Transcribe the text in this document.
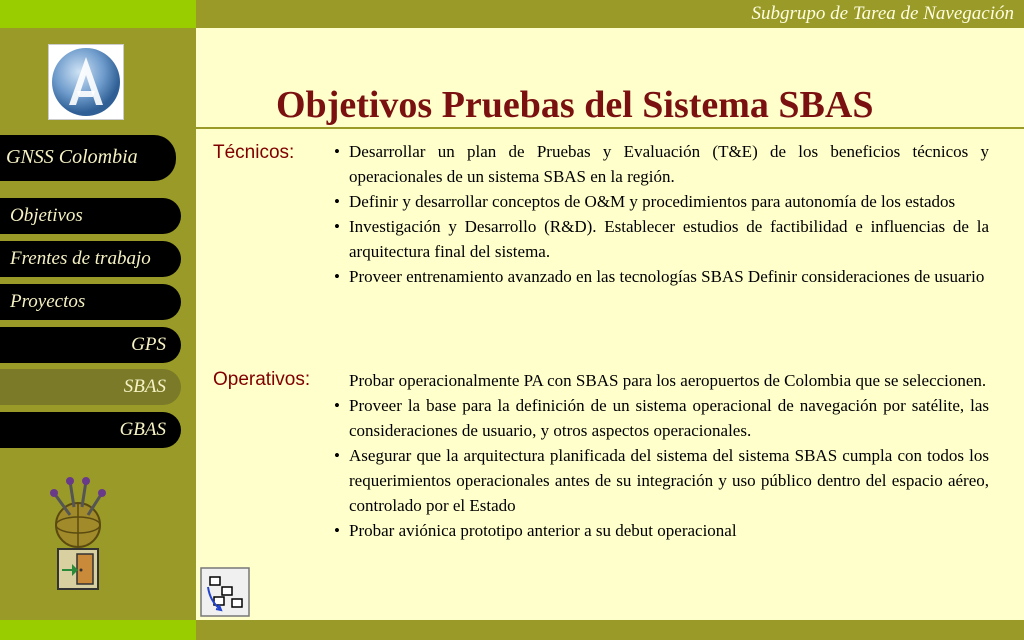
Subgrupo de Tarea de Navegación
GNSS Colombia
Objetivos
Frentes de trabajo
Proyectos
GPS
SBAS
GBAS
Objetivos Pruebas del Sistema SBAS
Técnicos:
•	Desarrollar un plan de Pruebas y Evaluación (T&E) de los beneficios técnicos y operacionales de un sistema SBAS en la región.
• Definir y desarrollar conceptos de O&M y procedimientos para autonomía de los estados
• Investigación y Desarrollo (R&D). Establecer estudios de factibilidad e influencias de la arquitectura final del sistema.
• Proveer entrenamiento avanzado en las tecnologías SBAS Definir consideraciones de usuario
Operativos:	Probar operacionalmente PA con SBAS para los aeropuertos de Colombia que se seleccionen.
• Proveer la base para la definición de un sistema operacional de navegación por satélite, las consideraciones de usuario, y otros aspectos operacionales.
• Asegurar que la arquitectura planificada del sistema del sistema SBAS cumpla con todos los requerimientos operacionales antes de su integración y uso público dentro del espacio aéreo, controlado por el Estado
• Probar aviónica prototipo anterior a su debut operacional
